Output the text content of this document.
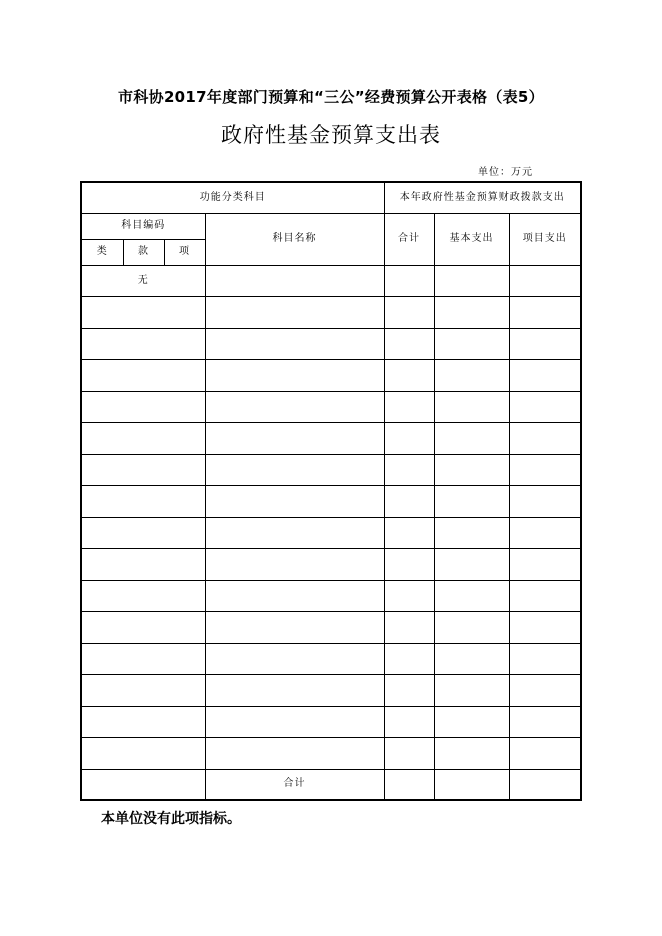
市科协2017年度部门预算和“三公”经费预算公开表格（表5）
政府性基金预算支出表
单位：万元
功能分类科目				本年政府性基金预算财政拨款支出		
科目编码			科目名称	合计	基本支出	项目支出
类	款	项				
无						

			合计			
本单位没有此项指标。
